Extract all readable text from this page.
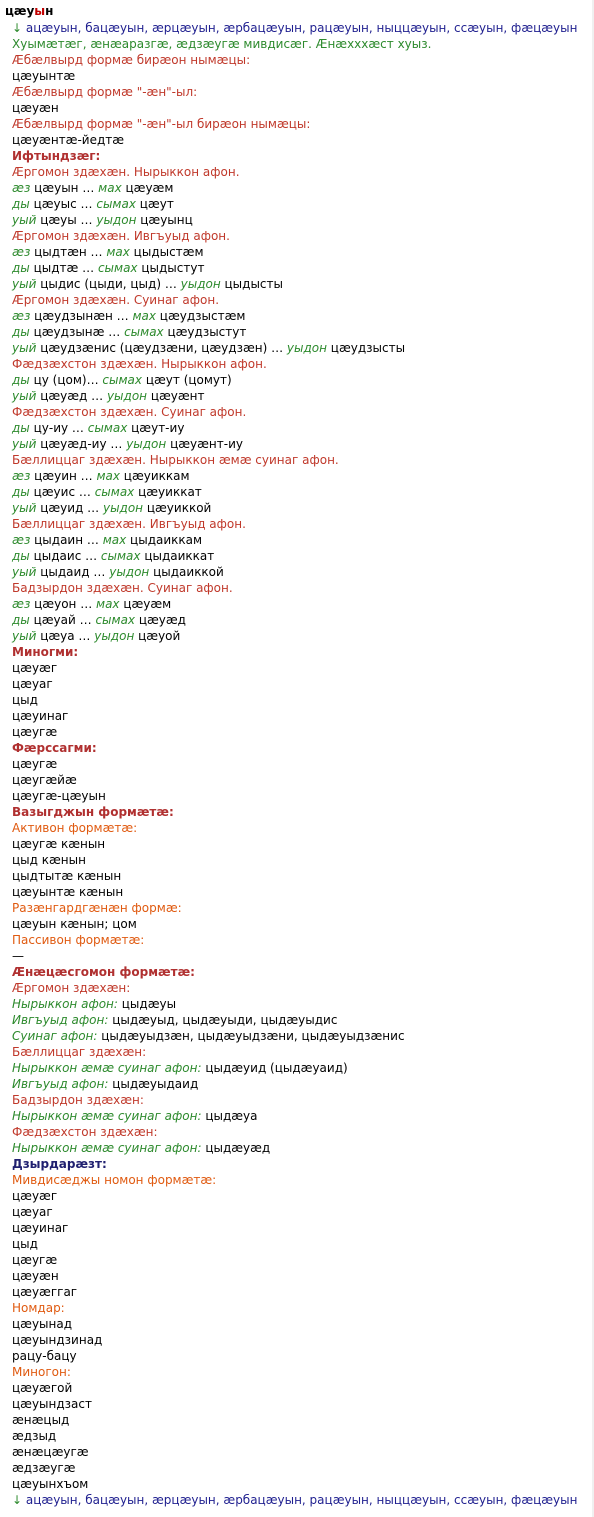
цæуын
↓ ацæуын, бацæуын, æрцæуын, æрбацæуын, рацæуын, ныццæуын, ссæуын, фæцæуын
Хуымæтæг, æнæаразгæ, æдзæугæ мивдисæг. Æнæхххæст хуыз.
Æбæлвырд формæ бирæон нымæцы:
цæуынтæ
Æбæлвырд формæ "-æн"-ыл:
цæуæн
Æбæлвырд формæ "-æн"-ыл бирæон нымæцы:
цæуæнтæ-йедтæ
Ифтындзæг:
Æргомон здæхæн. Нырыккон афон.
æз цæуын … мах цæуæм
ды цæуыс … сымах цæут
уый цæуы … уыдон цæуынц
Æргомон здæхæн. Ивгъуыд афон.
æз цыдтæн … мах цыдыстæм
ды цыдтæ … сымах цыдыстут
уый цыдис (цыди, цыд) … уыдон цыдысты
Æргомон здæхæн. Суинаг афон.
æз цæудзынæн … мах цæудзыстæм
ды цæудзынæ … сымах цæудзыстут
уый цæудзæнис (цæудзæни, цæудзæн) … уыдон цæудзысты
Фæдзæхстон здæхæн. Нырыккон афон.
ды цу (цом)… сымах цæут (цомут)
уый цæуæд … уыдон цæуæнт
Фæдзæхстон здæхæн. Суинаг афон.
ды цу-иу … сымах цæут-иу
уый цæуæд-иу … уыдон цæуæнт-иу
Бæллиццаг здæхæн. Нырыккон æмæ суинаг афон.
æз цæуин … мах цæуиккам
ды цæуис … сымах цæуиккат
уый цæуид … уыдон цæуиккой
Бæллиццаг здæхæн. Ивгъуыд афон.
æз цыдаин … мах цыдаиккам
ды цыдаис … сымах цыдаиккат
уый цыдаид … уыдон цыдаиккой
Бадзырдон здæхæн. Суинаг афон.
æз цæуон … мах цæуæм
ды цæуай … сымах цæуæд
уый цæуа … уыдон цæуой
Миногми:
цæуæг
цæуаг
цыд
цæуинаг
цæугæ
Фæрссагми:
цæугæ
цæугæйæ
цæугæ-цæуын
Вазыгджын формæтæ:
Активон формæтæ:
цæугæ кæнын
цыд кæнын
цыдтытæ кæнын
цæуынтæ кæнын
Разæнгардгæнæн формæ:
цæуын кæнын; цом
Пассивон формæтæ:
—
Æнæцæсгомон формæтæ:
Æргомон здæхæн:
Нырыккон афон: цыдæуы
Ивгъуыд афон: цыдæуыд, цыдæуыди, цыдæуыдис
Суинаг афон: цыдæуыдзæн, цыдæуыдзæни, цыдæуыдзæнис
Бæллиццаг здæхæн:
Нырыккон æмæ суинаг афон: цыдæуид (цыдæуаид)
Ивгъуыд афон: цыдæуыдаид
Бадзырдон здæхæн:
Нырыккон æмæ суинаг афон: цыдæуа
Фæдзæхстон здæхæн:
Нырыккон æмæ суинаг афон: цыдæуæд
Дзырдарæзт:
Мивдисæджы номон формæтæ:
цæуæг
цæуаг
цæуинаг
цыд
цæугæ
цæуæн
цæуæггаг
Номдар:
цæуынад
цæуындзинад
рацу-бацу
Миногон:
цæуæгой
цæуындзаст
æнæцыд
æдзыд
æнæцæугæ
æдзæугæ
цæуынхъом
↓ ацæуын, бацæуын, æрцæуын, æрбацæуын, рацæуын, ныццæуын, ссæуын, фæцæуын
